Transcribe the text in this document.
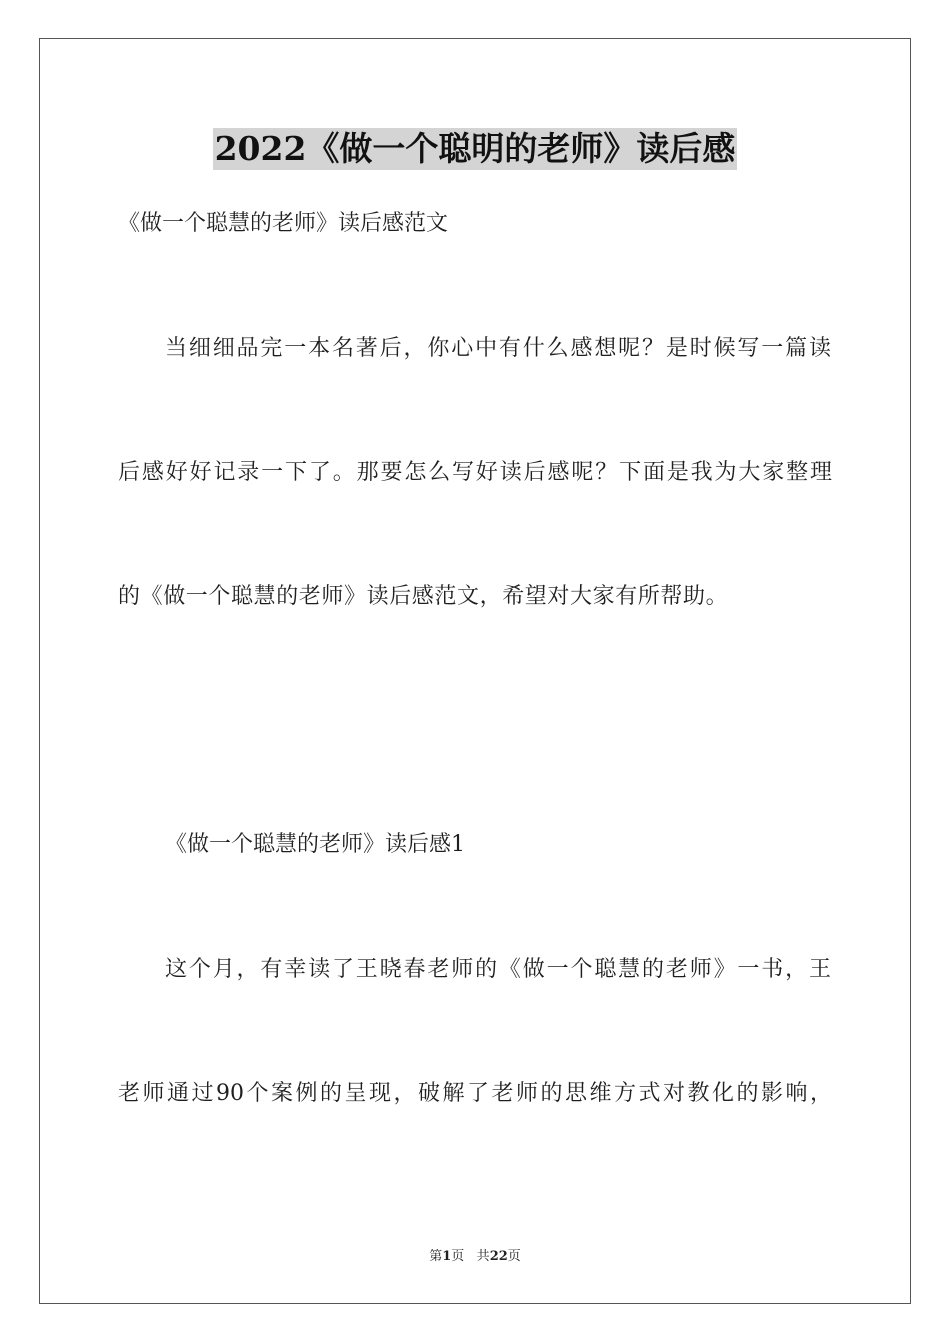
2022《做一个聪明的老师》读后感
《做一个聪慧的老师》读后感范文
当细细品完一本名著后，你心中有什么感想呢？是时候写一篇读
后感好好记录一下了。那要怎么写好读后感呢？下面是我为大家整理
的《做一个聪慧的老师》读后感范文，希望对大家有所帮助。
《做一个聪慧的老师》读后感1
这个月，有幸读了王晓春老师的《做一个聪慧的老师》一书，王
老师通过90个案例的呈现，破解了老师的思维方式对教化的影响，
第1页 共22页
